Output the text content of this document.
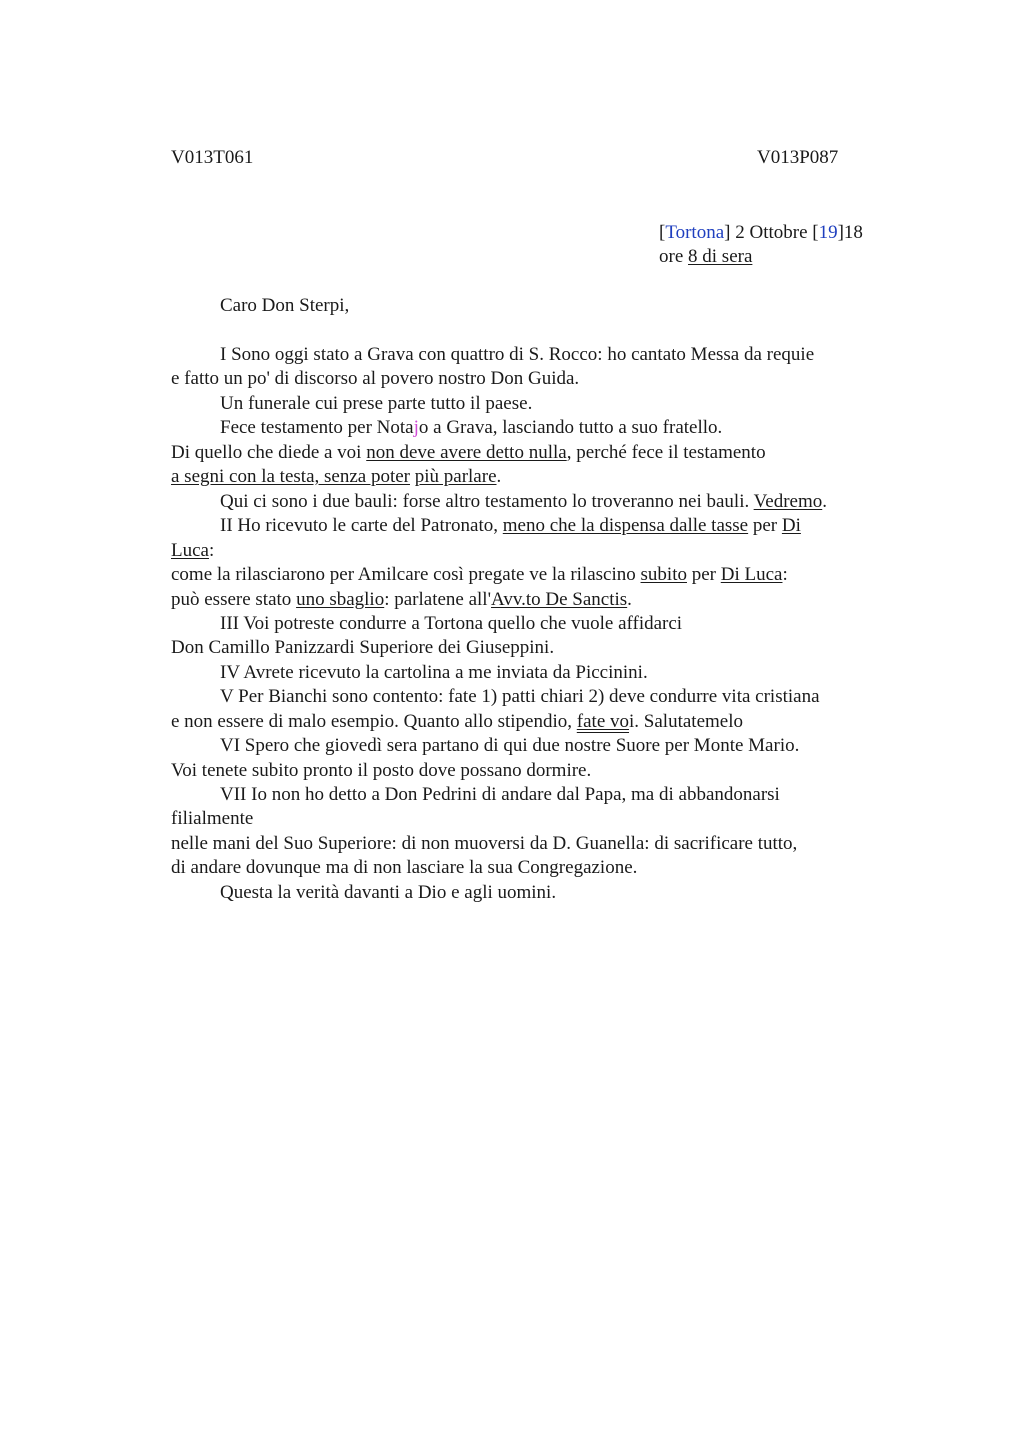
V013T061	V013P087
[Tortona] 2 Ottobre [19]18
ore 8 di sera
Caro Don Sterpi,
I Sono oggi stato a Grava con quattro di S. Rocco: ho cantato Messa da requie
e fatto un po' di discorso al povero nostro Don Guida.
Un funerale cui prese parte tutto il paese.
Fece testamento per Notajo a Grava, lasciando tutto a suo fratello.
Di quello che diede a voi non deve avere detto nulla, perché fece il testamento
a segni con la testa, senza poter più parlare.
Qui ci sono i due bauli: forse altro testamento lo troveranno nei bauli. Vedremo.
II Ho ricevuto le carte del Patronato, meno che la dispensa dalle tasse per Di
Luca:
come la rilasciarono per Amilcare così pregate ve la rilascino subito per Di Luca:
può essere stato uno sbaglio: parlatene all'Avv.to De Sanctis.
III Voi potreste condurre a Tortona quello che vuole affidarci
Don Camillo Panizzardi Superiore dei Giuseppini.
IV Avrete ricevuto la cartolina a me inviata da Piccinini.
V Per Bianchi sono contento: fate 1) patti chiari 2) deve condurre vita cristiana
e non essere di malo esempio. Quanto allo stipendio, fate voi. Salutatemelo
VI Spero che giovedì sera partano di qui due nostre Suore per Monte Mario.
Voi tenete subito pronto il posto dove possano dormire.
VII Io non ho detto a Don Pedrini di andare dal Papa, ma di abbandonarsi
filialmente
nelle mani del Suo Superiore: di non muoversi da D. Guanella: di sacrificare tutto,
di andare dovunque ma di non lasciare la sua Congregazione.
Questa la verità davanti a Dio e agli uomini.
